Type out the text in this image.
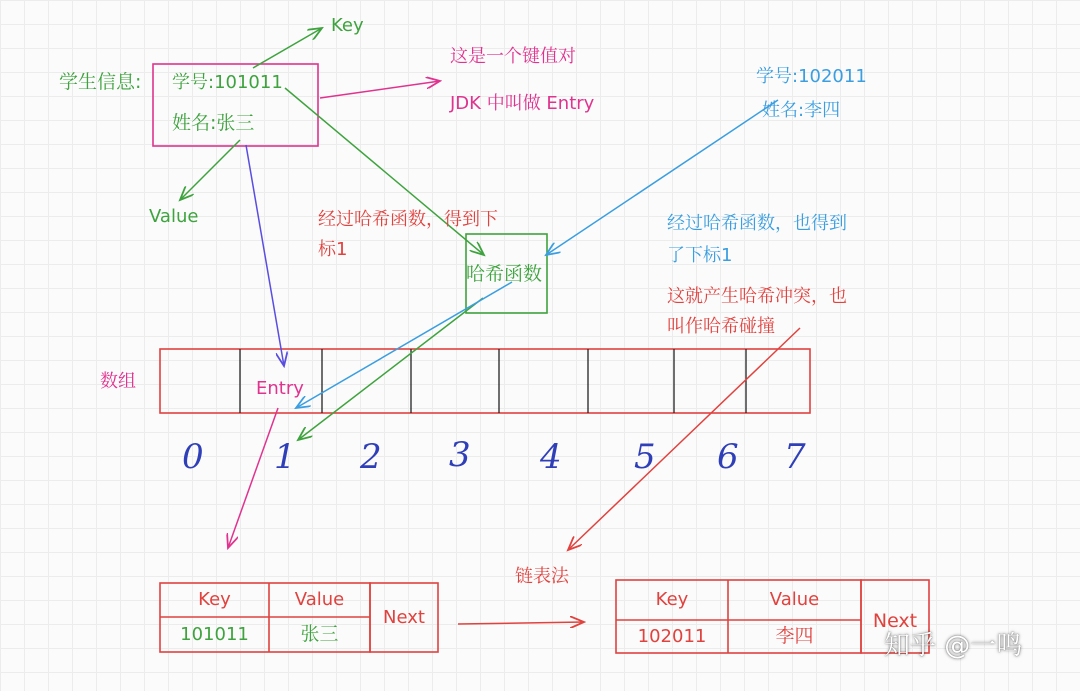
学生信息: 学号:101011
姓名:张三
Key
Value
这是一个键值对
JDK 中叫做 Entry
学号:102011
姓名:李四
经过哈希函数，得到下
标1
哈希函数
经过哈希函数，也得到
了下标1
这就产生哈希冲突，也
叫作哈希碰撞
数组	Entry
0 1 2 3 4 5 6 7
链表法
Key	Value
101011	张三
Next
Key	Value
102011	李四
Next
知乎 @一鸣
